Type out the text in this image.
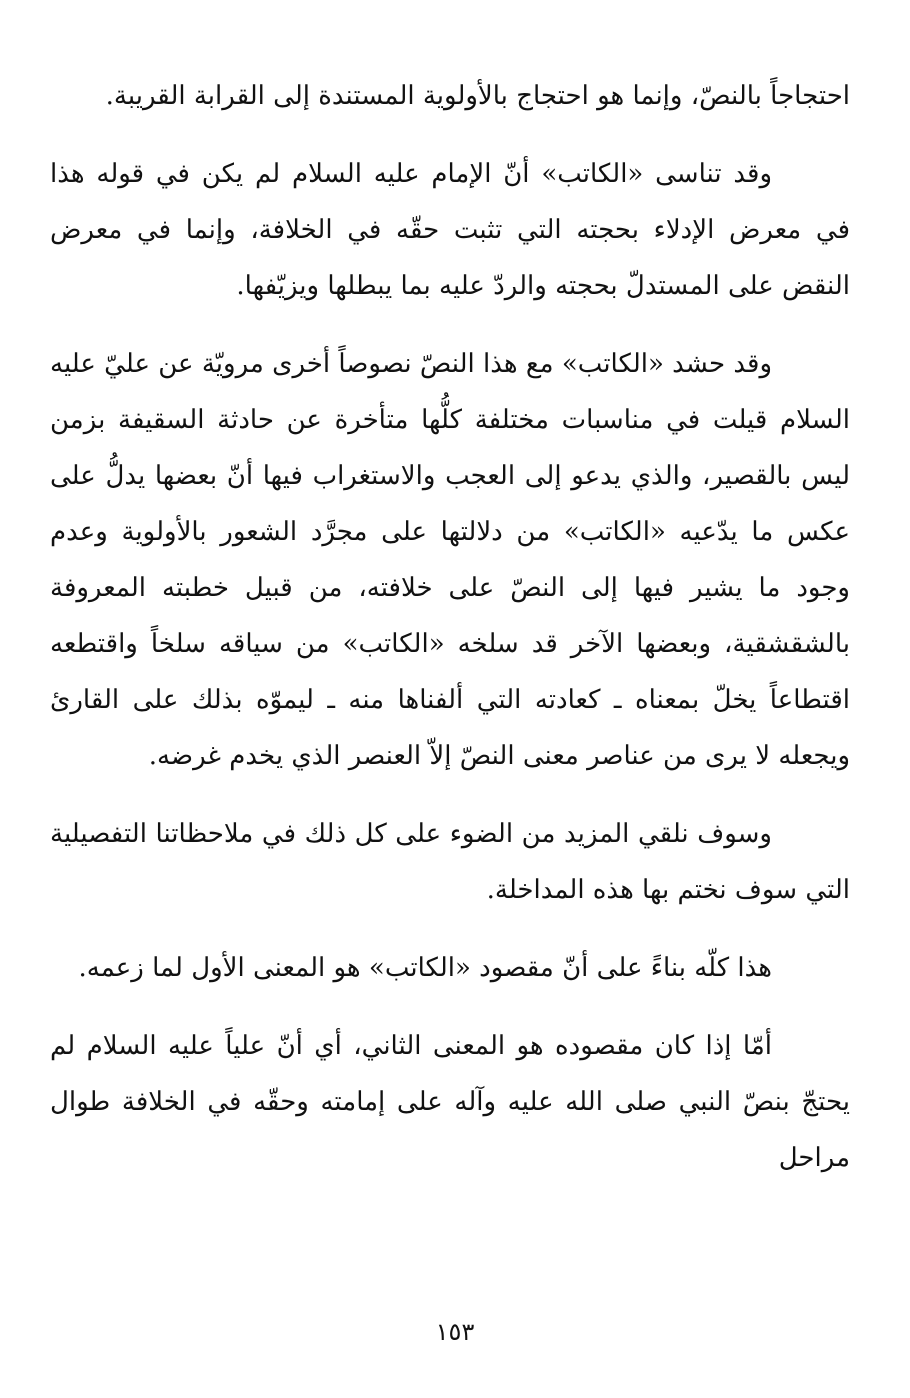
احتجاجاً بالنصّ، وإنما هو احتجاج بالأولوية المستندة إلى القرابة القريبة.

وقد تناسى «الكاتب» أنّ الإمام عليه السلام لم يكن في قوله هذا في معرض الإدلاء بحجته التي تثبت حقّه في الخلافة، وإنما في معرض النقض على المستدلّ بحجته والردّ عليه بما يبطلها ويزيّفها.

وقد حشد «الكاتب» مع هذا النصّ نصوصاً أخرى مرويّة عن عليّ عليه السلام قيلت في مناسبات مختلفة كلُّها متأخرة عن حادثة السقيفة بزمن ليس بالقصير، والذي يدعو إلى العجب والاستغراب فيها أنّ بعضها يدلُّ على عكس ما يدّعيه «الكاتب» من دلالتها على مجرَّد الشعور بالأولوية وعدم وجود ما يشير فيها إلى النصّ على خلافته، من قبيل خطبته المعروفة بالشقشقية، وبعضها الآخر قد سلخه «الكاتب» من سياقه سلخاً واقتطعه اقتطاعاً يخلّ بمعناه ـ كعادته التي ألفناها منه ـ ليموّه بذلك على القارئ ويجعله لا يرى من عناصر معنى النصّ إلاّ العنصر الذي يخدم غرضه.

وسوف نلقي المزيد من الضوء على كل ذلك في ملاحظاتنا التفصيلية التي سوف نختم بها هذه المداخلة.

هذا كلّه بناءً على أنّ مقصود «الكاتب» هو المعنى الأول لما زعمه.

أمّا إذا كان مقصوده هو المعنى الثاني، أي أنّ علياً عليه السلام لم يحتجّ بنصّ النبي صلى الله عليه وآله على إمامته وحقّه في الخلافة طوال مراحل

١٥٣
